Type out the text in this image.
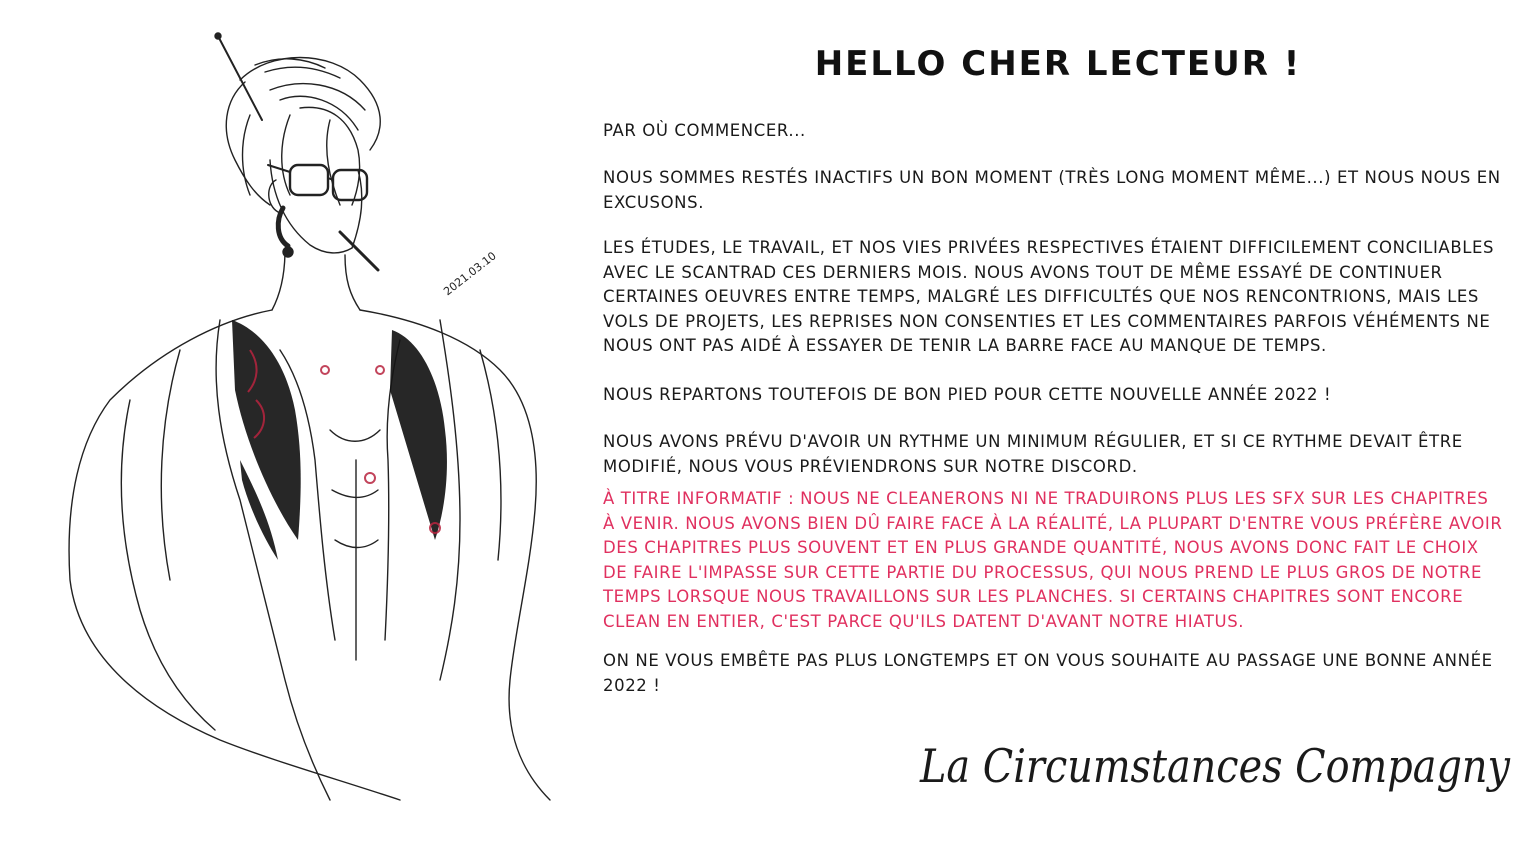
2021.03.10
HELLO CHER LECTEUR !

PAR OÙ COMMENCER...

NOUS SOMMES RESTÉS INACTIFS UN BON MOMENT (TRÈS LONG MOMENT MÊME...) ET NOUS NOUS EN EXCUSONS.

LES ÉTUDES, LE TRAVAIL, ET NOS VIES PRIVÉES RESPECTIVES ÉTAIENT DIFFICILEMENT CONCILIABLES AVEC LE SCANTRAD CES DERNIERS MOIS. NOUS AVONS TOUT DE MÊME ESSAYÉ DE CONTINUER CERTAINES OEUVRES ENTRE TEMPS, MALGRÉ LES DIFFICULTÉS QUE NOS RENCONTRIONS, MAIS LES VOLS DE PROJETS, LES REPRISES NON CONSENTIES ET LES COMMENTAIRES PARFOIS VÉHÉMENTS NE NOUS ONT PAS AIDÉ À ESSAYER DE TENIR LA BARRE FACE AU MANQUE DE TEMPS.

NOUS REPARTONS TOUTEFOIS DE BON PIED POUR CETTE NOUVELLE ANNÉE 2022 !

NOUS AVONS PRÉVU D'AVOIR UN RYTHME UN MINIMUM RÉGULIER, ET SI CE RYTHME DEVAIT ÊTRE MODIFIÉ, NOUS VOUS PRÉVIENDRONS SUR NOTRE DISCORD.

À TITRE INFORMATIF : NOUS NE CLEANERONS NI NE TRADUIRONS PLUS LES SFX SUR LES CHAPITRES À VENIR. NOUS AVONS BIEN DÛ FAIRE FACE À LA RÉALITÉ, LA PLUPART D'ENTRE VOUS PRÉFÈRE AVOIR DES CHAPITRES PLUS SOUVENT ET EN PLUS GRANDE QUANTITÉ, NOUS AVONS DONC FAIT LE CHOIX DE FAIRE L'IMPASSE SUR CETTE PARTIE DU PROCESSUS, QUI NOUS PREND LE PLUS GROS DE NOTRE TEMPS LORSQUE NOUS TRAVAILLONS SUR LES PLANCHES. SI CERTAINS CHAPITRES SONT ENCORE CLEAN EN ENTIER, C'EST PARCE QU'ILS DATENT D'AVANT NOTRE HIATUS.

ON NE VOUS EMBÊTE PAS PLUS LONGTEMPS ET ON VOUS SOUHAITE AU PASSAGE UNE BONNE ANNÉE 2022 !

La Circumstances Compagny
